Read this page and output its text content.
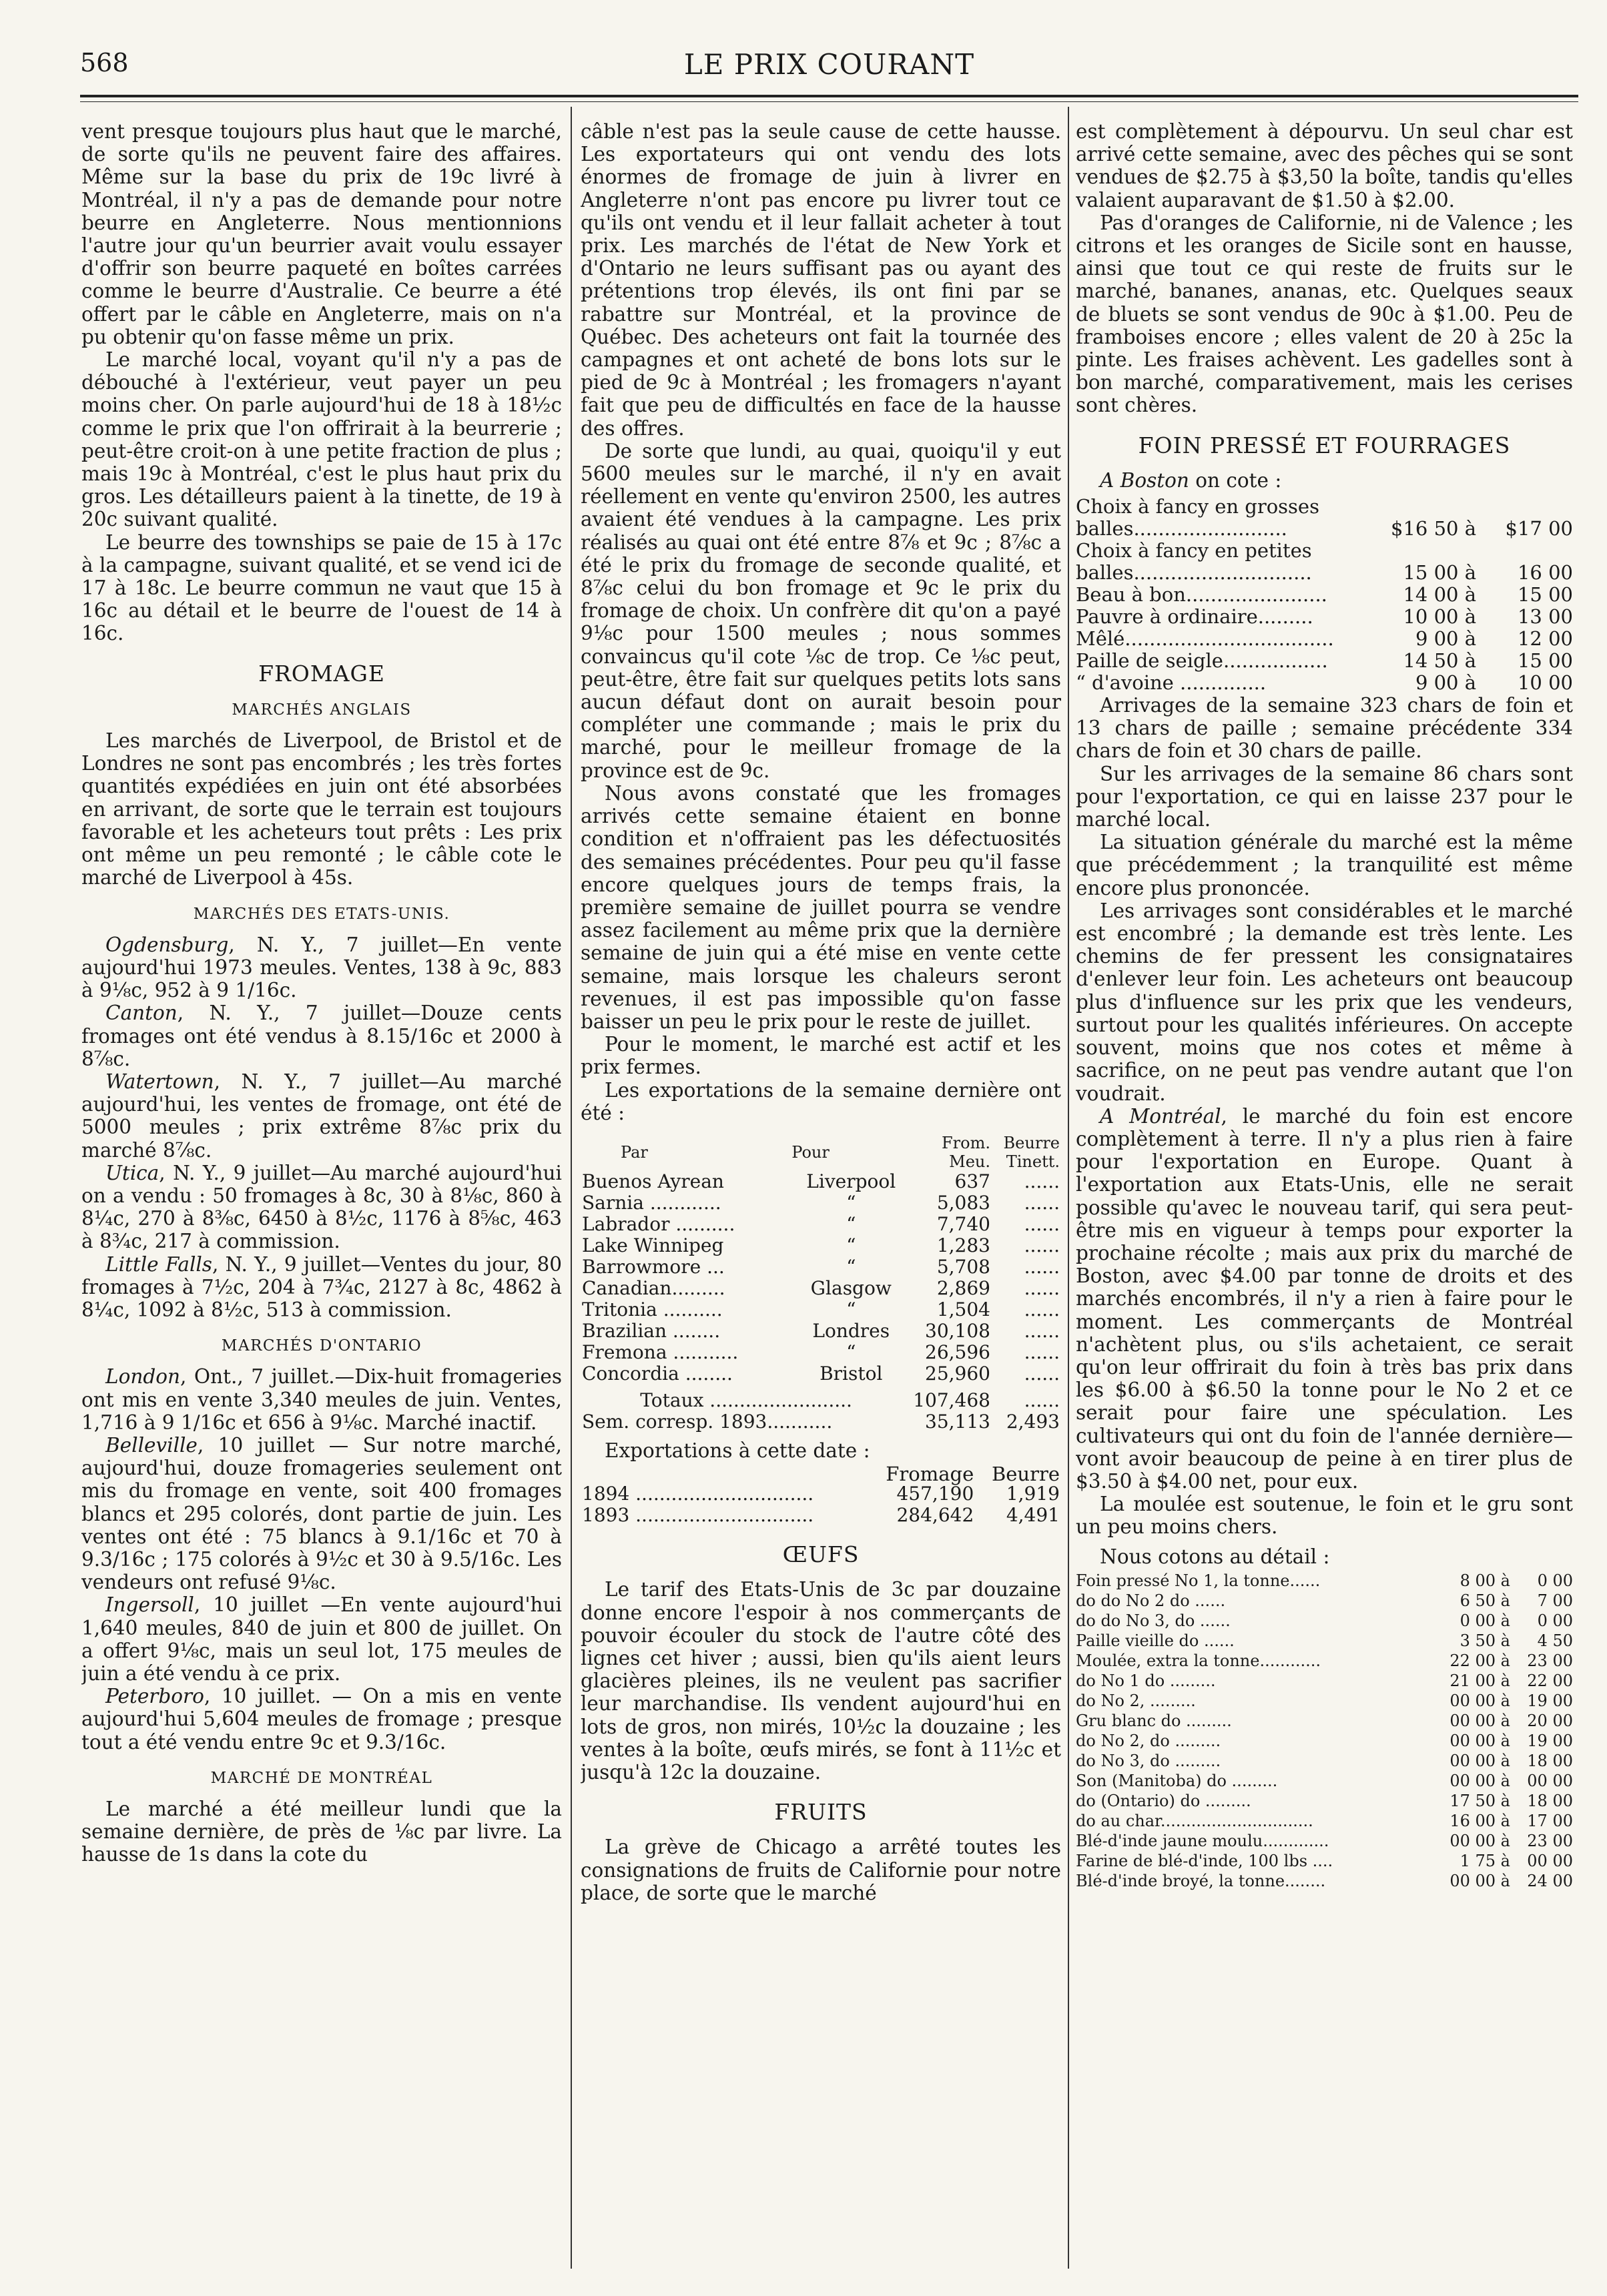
568	LE PRIX COURANT

vent presque toujours plus haut que le marché, de sorte qu'ils ne peuvent faire des affaires. Même sur la base du prix de 19c livré à Montréal, il n'y a pas de demande pour notre beurre en Angleterre. Nous mentionnions l'autre jour qu'un beurrier avait voulu essayer d'offrir son beurre paqueté en boîtes carrées comme le beurre d'Australie. Ce beurre a été offert par le câble en Angleterre, mais on n'a pu obtenir qu'on fasse même un prix.

Le marché local, voyant qu'il n'y a pas de débouché à l'extérieur, veut payer un peu moins cher. On parle aujourd'hui de 18 à 18½c comme le prix que l'on offrirait à la beurrerie ; peut-être croit-on à une petite fraction de plus ; mais 19c à Montréal, c'est le plus haut prix du gros. Les détailleurs paient à la tinette, de 19 à 20c suivant qualité.

Le beurre des townships se paie de 15 à 17c à la campagne, suivant qualité, et se vend ici de 17 à 18c. Le beurre commun ne vaut que 15 à 16c au détail et le beurre de l'ouest de 14 à 16c.

FROMAGE
MARCHÉS ANGLAIS

Les marchés de Liverpool, de Bristol et de Londres ne sont pas encombrés ; les très fortes quantités expédiées en juin ont été absorbées en arrivant, de sorte que le terrain est toujours favorable et les acheteurs tout prêts : Les prix ont même un peu remonté ; le câble cote le marché de Liverpool à 45s.

MARCHÉS DES ETATS-UNIS.

Ogdensburg, N. Y., 7 juillet—En vente aujourd'hui 1973 meules. Ventes, 138 à 9c, 883 à 9⅛c, 952 à 9 1/16c.

Canton, N. Y., 7 juillet—Douze cents fromages ont été vendus à 8.15/16c et 2000 à 8⅞c.

Watertown, N. Y., 7 juillet—Au marché aujourd'hui, les ventes de fromage, ont été de 5000 meules ; prix extrême 8⅞c prix du marché 8⅞c.

Utica, N. Y., 9 juillet—Au marché aujourd'hui on a vendu : 50 fromages à 8c, 30 à 8⅛c, 860 à 8¼c, 270 à 8⅜c, 6450 à 8½c, 1176 à 8⅝c, 463 à 8¾c, 217 à commission.

Little Falls, N. Y., 9 juillet—Ventes du jour, 80 fromages à 7½c, 204 à 7¾c, 2127 à 8c, 4862 à 8¼c, 1092 à 8½c, 513 à commission.

MARCHÉS D'ONTARIO

London, Ont., 7 juillet.—Dix-huit fromageries ont mis en vente 3,340 meules de juin. Ventes, 1,716 à 9 1/16c et 656 à 9⅛c. Marché inactif.

Belleville, 10 juillet — Sur notre marché, aujourd'hui, douze fromageries seulement ont mis du fromage en vente, soit 400 fromages blancs et 295 colorés, dont partie de juin. Les ventes ont été : 75 blancs à 9.1/16c et 70 à 9.3/16c ; 175 colorés à 9½c et 30 à 9.5/16c. Les vendeurs ont refusé 9⅛c.

Ingersoll, 10 juillet —En vente aujourd'hui 1,640 meules, 840 de juin et 800 de juillet. On a offert 9⅛c, mais un seul lot, 175 meules de juin a été vendu à ce prix.

Peterboro, 10 juillet. — On a mis en vente aujourd'hui 5,604 meules de fromage ; presque tout a été vendu entre 9c et 9.3/16c.

MARCHÉ DE MONTRÉAL

Le marché a été meilleur lundi que la semaine dernière, de près de ⅛c par livre. La hausse de 1s dans la cote du

câble n'est pas la seule cause de cette hausse. Les exportateurs qui ont vendu des lots énormes de fromage de juin à livrer en Angleterre n'ont pas encore pu livrer tout ce qu'ils ont vendu et il leur fallait acheter à tout prix. Les marchés de l'état de New York et d'Ontario ne leurs suffisant pas ou ayant des prétentions trop élevés, ils ont fini par se rabattre sur Montréal, et la province de Québec. Des acheteurs ont fait la tournée des campagnes et ont acheté de bons lots sur le pied de 9c à Montréal ; les fromagers n'ayant fait que peu de difficultés en face de la hausse des offres.

De sorte que lundi, au quai, quoiqu'il y eut 5600 meules sur le marché, il n'y en avait réellement en vente qu'environ 2500, les autres avaient été vendues à la campagne. Les prix réalisés au quai ont été entre 8⅞ et 9c ; 8⅞c a été le prix du fromage de seconde qualité, et 8⅞c celui du bon fromage et 9c le prix du fromage de choix. Un confrère dit qu'on a payé 9⅛c pour 1500 meules ; nous sommes convaincus qu'il cote ⅛c de trop. Ce ⅛c peut, peut-être, être fait sur quelques petits lots sans aucun défaut dont on aurait besoin pour compléter une commande ; mais le prix du marché, pour le meilleur fromage de la province est de 9c.

Nous avons constaté que les fromages arrivés cette semaine étaient en bonne condition et n'offraient pas les défectuosités des semaines précédentes. Pour peu qu'il fasse encore quelques jours de temps frais, la première semaine de juillet pourra se vendre assez facilement au même prix que la dernière semaine de juin qui a été mise en vente cette semaine, mais lorsque les chaleurs seront revenues, il est pas impossible qu'on fasse baisser un peu le prix pour le reste de juillet.

Pour le moment, le marché est actif et les prix fermes.

Les exportations de la semaine dernière ont été :

Par	Pour	From. Meu.	Beurre Tinett.
Buenos Ayrean	Liverpool	637	......
Sarnia ............	“	5,083	......
Labrador ..........	“	7,740	......
Lake Winnipeg	“	1,283	......
Barrowmore ...	“	5,708	......
Canadian.........	Glasgow	2,869	......
Tritonia ..........	“	1,504	......
Brazilian ........	Londres	30,108	......
Fremona ...........	“	26,596	......
Concordia ........	Bristol	25,960	......
Totaux ........................		107,468	......
Sem. corresp. 1893...........		35,113	2,493

Exportations à cette date :

	Fromage	Beurre
1894 ..............................	457,190	1,919
1893 ..............................	284,642	4,491
ŒUFS

Le tarif des Etats-Unis de 3c par douzaine donne encore l'espoir à nos commerçants de pouvoir écouler du stock de l'autre côté des lignes cet hiver ; aussi, bien qu'ils aient leurs glacières pleines, ils ne veulent pas sacrifier leur marchandise. Ils vendent aujourd'hui en lots de gros, non mirés, 10½c la douzaine ; les ventes à la boîte, œufs mirés, se font à 11½c et jusqu'à 12c la douzaine.

FRUITS

La grève de Chicago a arrêté toutes les consignations de fruits de Californie pour notre place, de sorte que le marché

est complètement à dépourvu. Un seul char est arrivé cette semaine, avec des pêches qui se sont vendues de $2.75 à $3,50 la boîte, tandis qu'elles valaient auparavant de $1.50 à $2.00.

Pas d'oranges de Californie, ni de Valence ; les citrons et les oranges de Sicile sont en hausse, ainsi que tout ce qui reste de fruits sur le marché, bananes, ananas, etc. Quelques seaux de bluets se sont vendus de 90c à $1.00. Peu de framboises encore ; elles valent de 20 à 25c la pinte. Les fraises achèvent. Les gadelles sont à bon marché, comparativement, mais les cerises sont chères.

FOIN PRESSÉ ET FOURRAGES

A Boston on cote :

Choix à fancy en grosses		
balles.........................	$16 50 à	$17 00
Choix à fancy en petites		
balles.............................	15 00 à	16 00
Beau à bon.......................	14 00 à	15 00
Pauvre à ordinaire.........	10 00 à	13 00
Mêlé..................................	9 00 à	12 00
Paille de seigle.................	14 50 à	15 00
“ d'avoine ..............	9 00 à	10 00

Arrivages de la semaine 323 chars de foin et 13 chars de paille ; semaine précédente 334 chars de foin et 30 chars de paille.

Sur les arrivages de la semaine 86 chars sont pour l'exportation, ce qui en laisse 237 pour le marché local.

La situation générale du marché est la même que précédemment ; la tranquilité est même encore plus prononcée.

Les arrivages sont considérables et le marché est encombré ; la demande est très lente. Les chemins de fer pressent les consignataires d'enlever leur foin. Les acheteurs ont beaucoup plus d'influence sur les prix que les vendeurs, surtout pour les qualités inférieures. On accepte souvent, moins que nos cotes et même à sacrifice, on ne peut pas vendre autant que l'on voudrait.

A Montréal, le marché du foin est encore complètement à terre. Il n'y a plus rien à faire pour l'exportation en Europe. Quant à l'exportation aux Etats-Unis, elle ne serait possible qu'avec le nouveau tarif, qui sera peut-être mis en vigueur à temps pour exporter la prochaine récolte ; mais aux prix du marché de Boston, avec $4.00 par tonne de droits et des marchés encombrés, il n'y a rien à faire pour le moment. Les commerçants de Montréal n'achètent plus, ou s'ils achetaient, ce serait qu'on leur offrirait du foin à très bas prix dans les $6.00 à $6.50 la tonne pour le No 2 et ce serait pour faire une spéculation. Les cultivateurs qui ont du foin de l'année dernière—vont avoir beaucoup de peine à en tirer plus de $3.50 à $4.00 net, pour eux.

La moulée est soutenue, le foin et le gru sont un peu moins chers.

Nous cotons au détail :

Foin pressé No 1, la tonne......	8 00 à	0 00
do do No 2 do ......	6 50 à	7 00
do do No 3, do ......	0 00 à	0 00
Paille vieille do ......	3 50 à	4 50
Moulée, extra la tonne............	22 00 à	23 00
do No 1 do .........	21 00 à	22 00
do No 2, .........	00 00 à	19 00
Gru blanc do .........	00 00 à	20 00
do No 2, do .........	00 00 à	19 00
do No 3, do .........	00 00 à	18 00
Son (Manitoba) do .........	00 00 à	00 00
do (Ontario) do .........	17 50 à	18 00
do au char..............................	16 00 à	17 00
Blé-d'inde jaune moulu.............	00 00 à	23 00
Farine de blé-d'inde, 100 lbs ....	1 75 à	00 00
Blé-d'inde broyé, la tonne........	00 00 à	24 00
